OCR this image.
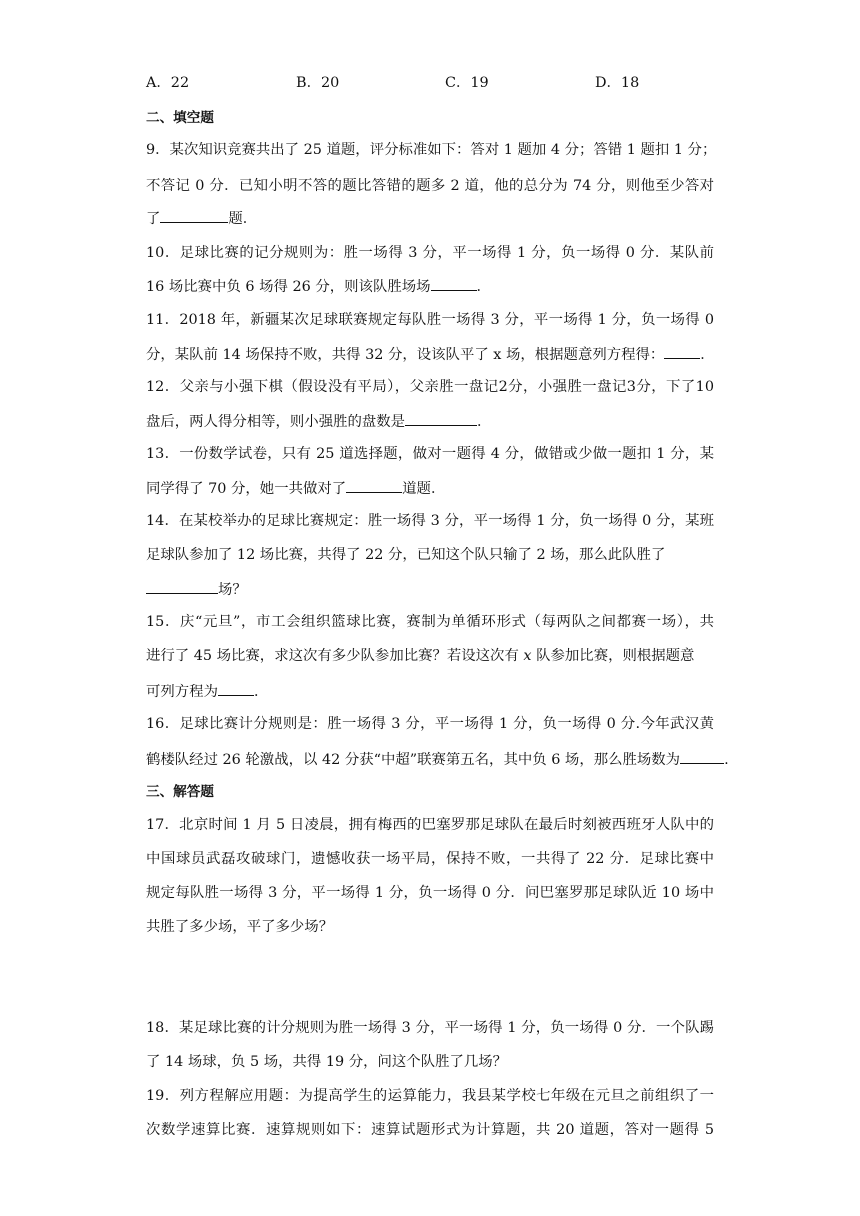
A．22	B．20	C．19	D．18
二、填空题
9．某次知识竞赛共出了 25 道题，评分标准如下：答对 1 题加 4 分；答错 1 题扣 1 分；
不答记 0 分．已知小明不答的题比答错的题多 2 道，他的总分为 74 分，则他至少答对
了	题．
10．足球比赛的记分规则为：胜一场得 3 分，平一场得 1 分，负一场得 0 分．某队前
16 场比赛中负 6 场得 26 分，则该队胜场场	．
11．2018 年，新疆某次足球联赛规定每队胜一场得 3 分，平一场得 1 分，负一场得 0
分，某队前 14 场保持不败，共得 32 分，设该队平了 x 场，根据题意列方程得：	．
12．父亲与小强下棋（假设没有平局），父亲胜一盘记2分，小强胜一盘记3分，下了10
盘后，两人得分相等，则小强胜的盘数是	．
13．一份数学试卷，只有 25 道选择题，做对一题得 4 分，做错或少做一题扣 1 分，某
同学得了 70 分，她一共做对了	道题．
14．在某校举办的足球比赛规定：胜一场得 3 分，平一场得 1 分，负一场得 0 分，某班
足球队参加了 12 场比赛，共得了 22 分，已知这个队只输了 2 场，那么此队胜了
场？
15．庆“元旦”，市工会组织篮球比赛，赛制为单循环形式（每两队之间都赛一场），共
进行了 45 场比赛，求这次有多少队参加比赛？若设这次有 x 队参加比赛，则根据题意
可列方程为	．
16．足球比赛计分规则是：胜一场得 3 分，平一场得 1 分，负一场得 0 分.今年武汉黄
鹤楼队经过 26 轮激战，以 42 分获“中超”联赛第五名，其中负 6 场，那么胜场数为	.
三、解答题
17．北京时间 1 月 5 日凌晨，拥有梅西的巴塞罗那足球队在最后时刻被西班牙人队中的
中国球员武磊攻破球门，遗憾收获一场平局，保持不败，一共得了 22 分．足球比赛中
规定每队胜一场得 3 分，平一场得 1 分，负一场得 0 分．问巴塞罗那足球队近 10 场中
共胜了多少场，平了多少场？
18．某足球比赛的计分规则为胜一场得 3 分，平一场得 1 分，负一场得 0 分．一个队踢
了 14 场球，负 5 场，共得 19 分，问这个队胜了几场？
19．列方程解应用题：为提高学生的运算能力，我县某学校七年级在元旦之前组织了一
次数学速算比赛．速算规则如下：速算试题形式为计算题，共 20 道题，答对一题得 5
